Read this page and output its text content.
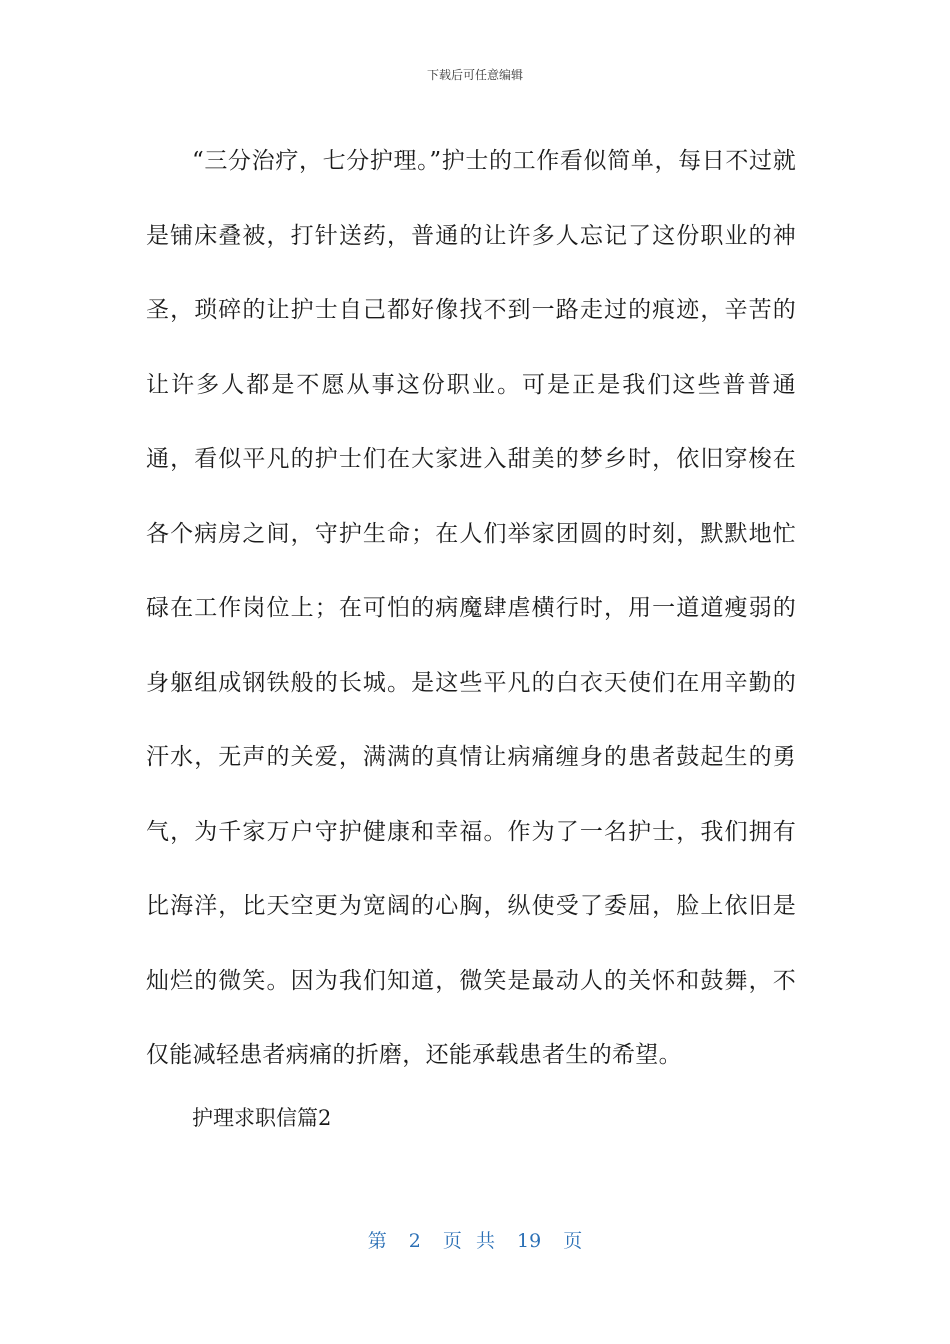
下载后可任意编辑

“三分治疗，七分护理。”护士的工作看似简单，每日不过就是铺床叠被，打针送药，普通的让许多人忘记了这份职业的神圣，琐碎的让护士自己都好像找不到一路走过的痕迹，辛苦的让许多人都是不愿从事这份职业。可是正是我们这些普普通通，看似平凡的护士们在大家进入甜美的梦乡时，依旧穿梭在各个病房之间，守护生命；在人们举家团圆的时刻，默默地忙碌在工作岗位上；在可怕的病魔肆虐横行时，用一道道瘦弱的身躯组成钢铁般的长城。是这些平凡的白衣天使们在用辛勤的汗水，无声的关爱，满满的真情让病痛缠身的患者鼓起生的勇气，为千家万户守护健康和幸福。作为了一名护士，我们拥有比海洋，比天空更为宽阔的心胸，纵使受了委屈，脸上依旧是灿烂的微笑。因为我们知道，微笑是最动人的关怀和鼓舞，不仅能减轻患者病痛的折磨，还能承载患者生的希望。

护理求职信篇2
第 2 页 共 19 页
